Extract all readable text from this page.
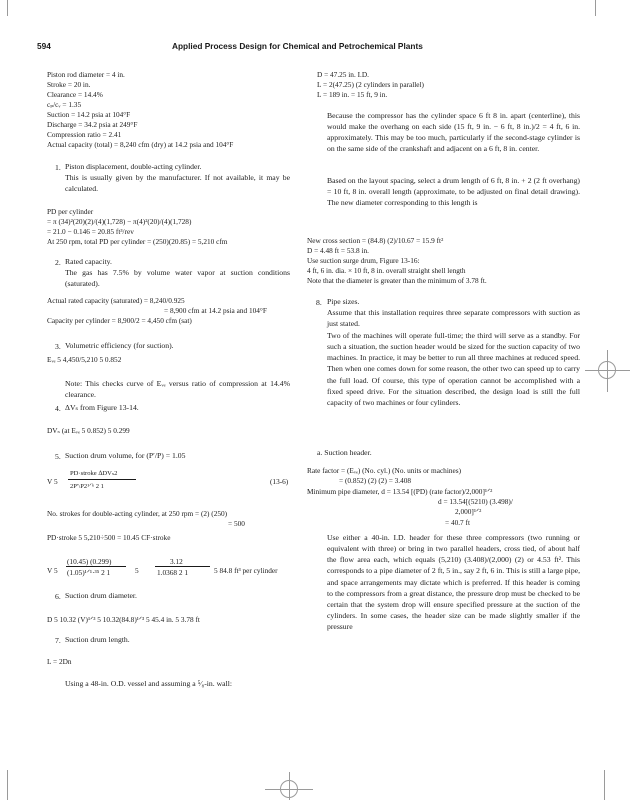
594	Applied Process Design for Chemical and Petrochemical Plants
Piston rod diameter = 4 in.
Stroke = 20 in.
Clearance = 14.4%
cₚ/cᵥ = 1.35
Suction = 14.2 psia at 104°F
Discharge = 34.2 psia at 249°F
Compression ratio = 2.41
Actual capacity (total) = 8,240 cfm (dry) at 14.2 psia and 104°F
1. Piston displacement, double-acting cylinder.
This is usually given by the manufacturer. If not available, it may be calculated.
PD per cylinder
= π (34)²(20)(2)/(4)(1,728) − π(4)²(20)/(4)(1,728)
= 21.0 − 0.146 = 20.85 ft³/rev
At 250 rpm, total PD per cylinder = (250)(20.85) = 5,210 cfm
2. Rated capacity.
The gas has 7.5% by volume water vapor at suction conditions (saturated).
Actual rated capacity (saturated) = 8,240/0.925
= 8,900 cfm at 14.2 psia and 104°F
Capacity per cylinder = 8,900/2 = 4,450 cfm (sat)
3. Volumetric efficiency (for suction).
Eᵥₑ 5 4,450/5,210 5 0.852
Note: This checks curve of Eᵥₑ versus ratio of compression at 14.4% clearance.
4. ΔVₛ from Figure 13-14.
DVₛ (at Eᵥₑ 5 0.852) 5 0.299
5. Suction drum volume, for (P′/P) = 1.05
V 5
PD·stroke ∆DVₛ2
2P′\P2¹ᐟᵏ 2 1
(13-6)
No. strokes for double-acting cylinder, at 250 rpm = (2) (250)
= 500
PD·stroke 5 5,210÷500 = 10.45 CF·stroke
V 5
(10.45) (0.299)
(1.05)¹ᐟ¹·³⁵ 2 1	5
3.12
1.0368 2 1	5 84.8 ft³ per cylinder
6. Suction drum diameter.
D 5 10.32 (V)¹ᐟ³ 5 10.32(84.8)¹ᐟ³ 5 45.4 in. 5 3.78 ft
7. Suction drum length.
L = 2Dn
Using a 48-in. O.D. vessel and assuming a ⁵⁄₈-in. wall:
D = 47.25 in. I.D.
L = 2(47.25) (2 cylinders in parallel)
L = 189 in. = 15 ft, 9 in.
Because the compressor has the cylinder space 6 ft 8 in. apart (centerline), this would make the overhang on each side (15 ft, 9 in. − 6 ft, 8 in.)/2 = 4 ft, 6 in. approximately. This may be too much, particularly if the second-stage cylinder is on the same side of the crankshaft and adjacent on a 6 ft, 8 in. center.
Based on the layout spacing, select a drum length of 6 ft, 8 in. + 2 (2 ft overhang) = 10 ft, 8 in. overall length (approximate, to be adjusted on final detail drawing). The new diameter corresponding to this length is
New cross section = (84.8) (2)/10.67 = 15.9 ft²
D = 4.48 ft = 53.8 in.
Use suction surge drum, Figure 13-16:
4 ft, 6 in. dia. × 10 ft, 8 in. overall straight shell length
Note that the diameter is greater than the minimum of 3.78 ft.
8. Pipe sizes.
Assume that this installation requires three separate compressors with suction as just stated.
Two of the machines will operate full-time; the third will serve as a standby. For such a situation, the suction header would be sized for the suction capacity of two machines. In practice, it may be better to run all three machines at reduced speed. Then when one comes down for some reason, the other two can speed up to carry the full load. Of course, this type of operation cannot be accomplished with a fixed speed drive. For the situation described, the design load is still the full capacity of two machines or four cylinders.
a. Suction header.
Rate factor = (Eᵥₑ) (No. cyl.) (No. units or machines)
= (0.852) (2) (2) = 3.408
Minimum pipe diameter, d = 13.54 [(PD) (rate factor)/2,000]¹ᐟ²
d = 13.54[(5210) (3.498)/
2,000]¹ᐟ²
= 40.7 ft
Use either a 40-in. I.D. header for these three compressors (two running or equivalent with three) or bring in two parallel headers, cross tied, of about half the flow area each, which equals (5,210) (3.408)/(2,000) (2) or 4.53 ft². This corresponds to a pipe diameter of 2 ft, 5 in., say 2 ft, 6 in. This is still a large pipe, and space arrangements may dictate which is preferred. If this header is coming to the compressors from a great distance, the pressure drop must be checked to be certain that the system drop will ensure specified pressure at the suction of the cylinders. In some cases, the header size can be made slightly smaller if the pressure
